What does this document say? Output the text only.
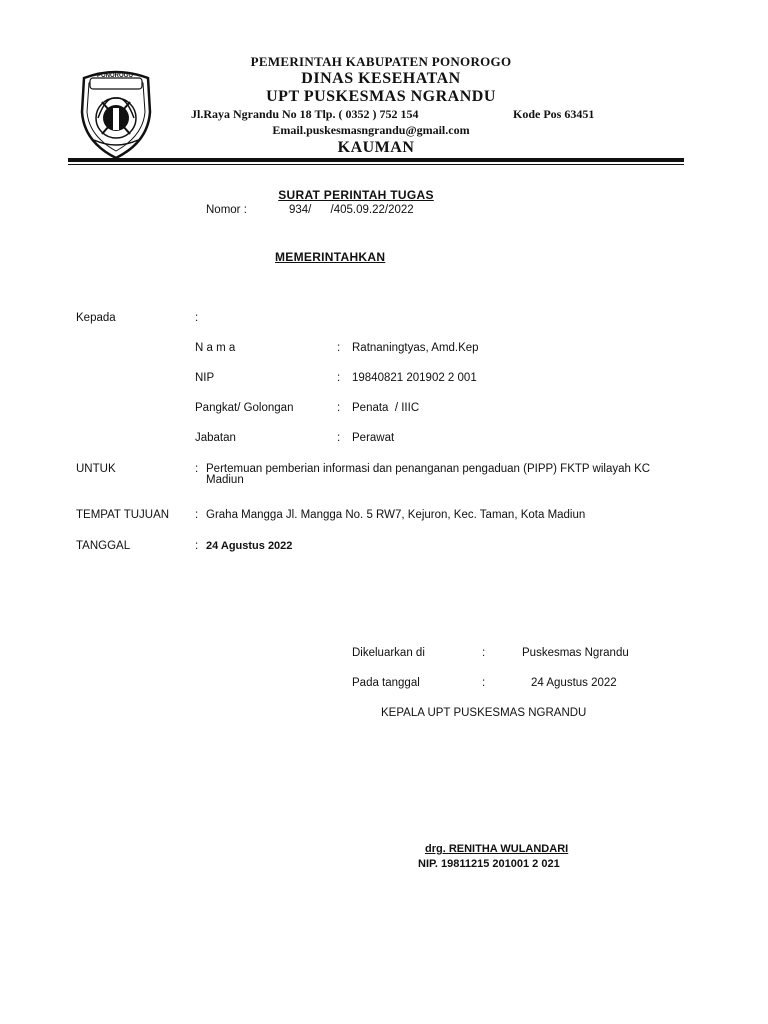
PONOROGO
PEMERINTAH KABUPATEN PONOROGO
DINAS KESEHATAN
UPT PUSKESMAS NGRANDU
Jl.Raya Ngrandu No 18 Tlp. ( 0352 ) 752 154	Kode Pos 63451
Email.puskesmasngrandu@gmail.com
KAUMAN
SURAT PERINTAH TUGAS
Nomor :	934/      /405.09.22/2022
MEMERINTAHKAN
Kepada	:
N a m a	: Ratnaningtyas, Amd.Kep
NIP	: 19840821 201902 2 001
Pangkat/ Golongan	: Penata  / IIIC
Jabatan	: Perawat
UNTUK	: Pertemuan pemberian informasi dan penanganan pengaduan (PIPP) FKTP wilayah KC Madiun
TEMPAT TUJUAN : Graha Mangga Jl. Mangga No. 5 RW7, Kejuron, Kec. Taman, Kota Madiun
TANGGAL	: 24 Agustus 2022
Dikeluarkan di	:	Puskesmas Ngrandu
Pada tanggal	:	24 Agustus 2022
KEPALA UPT PUSKESMAS NGRANDU
drg. RENITHA WULANDARI
NIP. 19811215 201001 2 021
